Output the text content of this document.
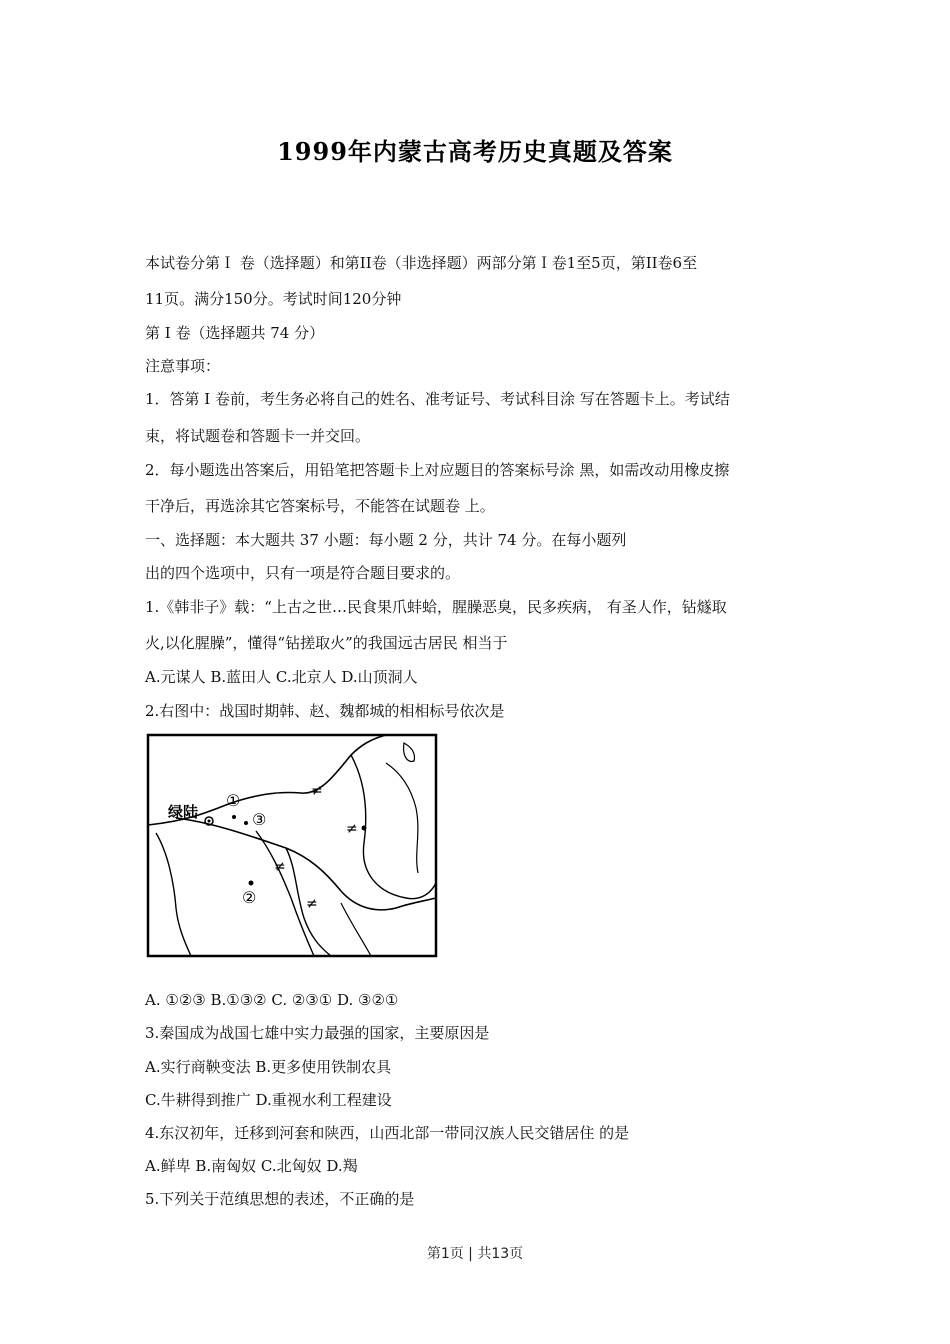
1999年内蒙古高考历史真题及答案
本试卷分第Ｉ 卷（选择题）和第II卷（非选择题）两部分第Ｉ卷1至5页，第II卷6至
11页。满分150分。考试时间120分钟
第 I 卷（选择题共 74 分）
注意事项：
1．答第 I 卷前，考生务必将自己的姓名、准考证号、考试科目涂 写在答题卡上。考试结
束，将试题卷和答题卡一并交回。
2．每小题选出答案后，用铅笔把答题卡上对应题目的答案标号涂 黑，如需改动用橡皮擦
干净后，再选涂其它答案标号，不能答在试题卷 上。
一、选择题：本大题共 37 小题：每小题 2 分，共计 74 分。在每小题列
出的四个选项中，只有一项是符合题目要求的。
1.《韩非子》载：“上古之世…民食果爪蚌蛤，腥臊恶臭，民多疾病， 有圣人作，钻燧取
火,以化腥臊”，懂得“钻搓取火”的我国远古居民 相当于
A.元谋人 B.蓝田人 C.北京人 D.山顶洞人
2.右图中：战国时期韩、赵、魏都城的相相标号依次是
≠
≠
≠
≠
绿陆
①
③
②
A. ①②③ B.①③② C. ②③① D. ③②①
3.秦国成为战国七雄中实力最强的国家，主要原因是
A.实行商鞅变法 B.更多使用铁制农具
C.牛耕得到推广 D.重视水利工程建设
4.东汉初年，迁移到河套和陕西，山西北部一带同汉族人民交错居住 的是
A.鲜卑 B.南匈奴 C.北匈奴 D.羯
5.下列关于范缜思想的表述，不正确的是
第1页 | 共13页
